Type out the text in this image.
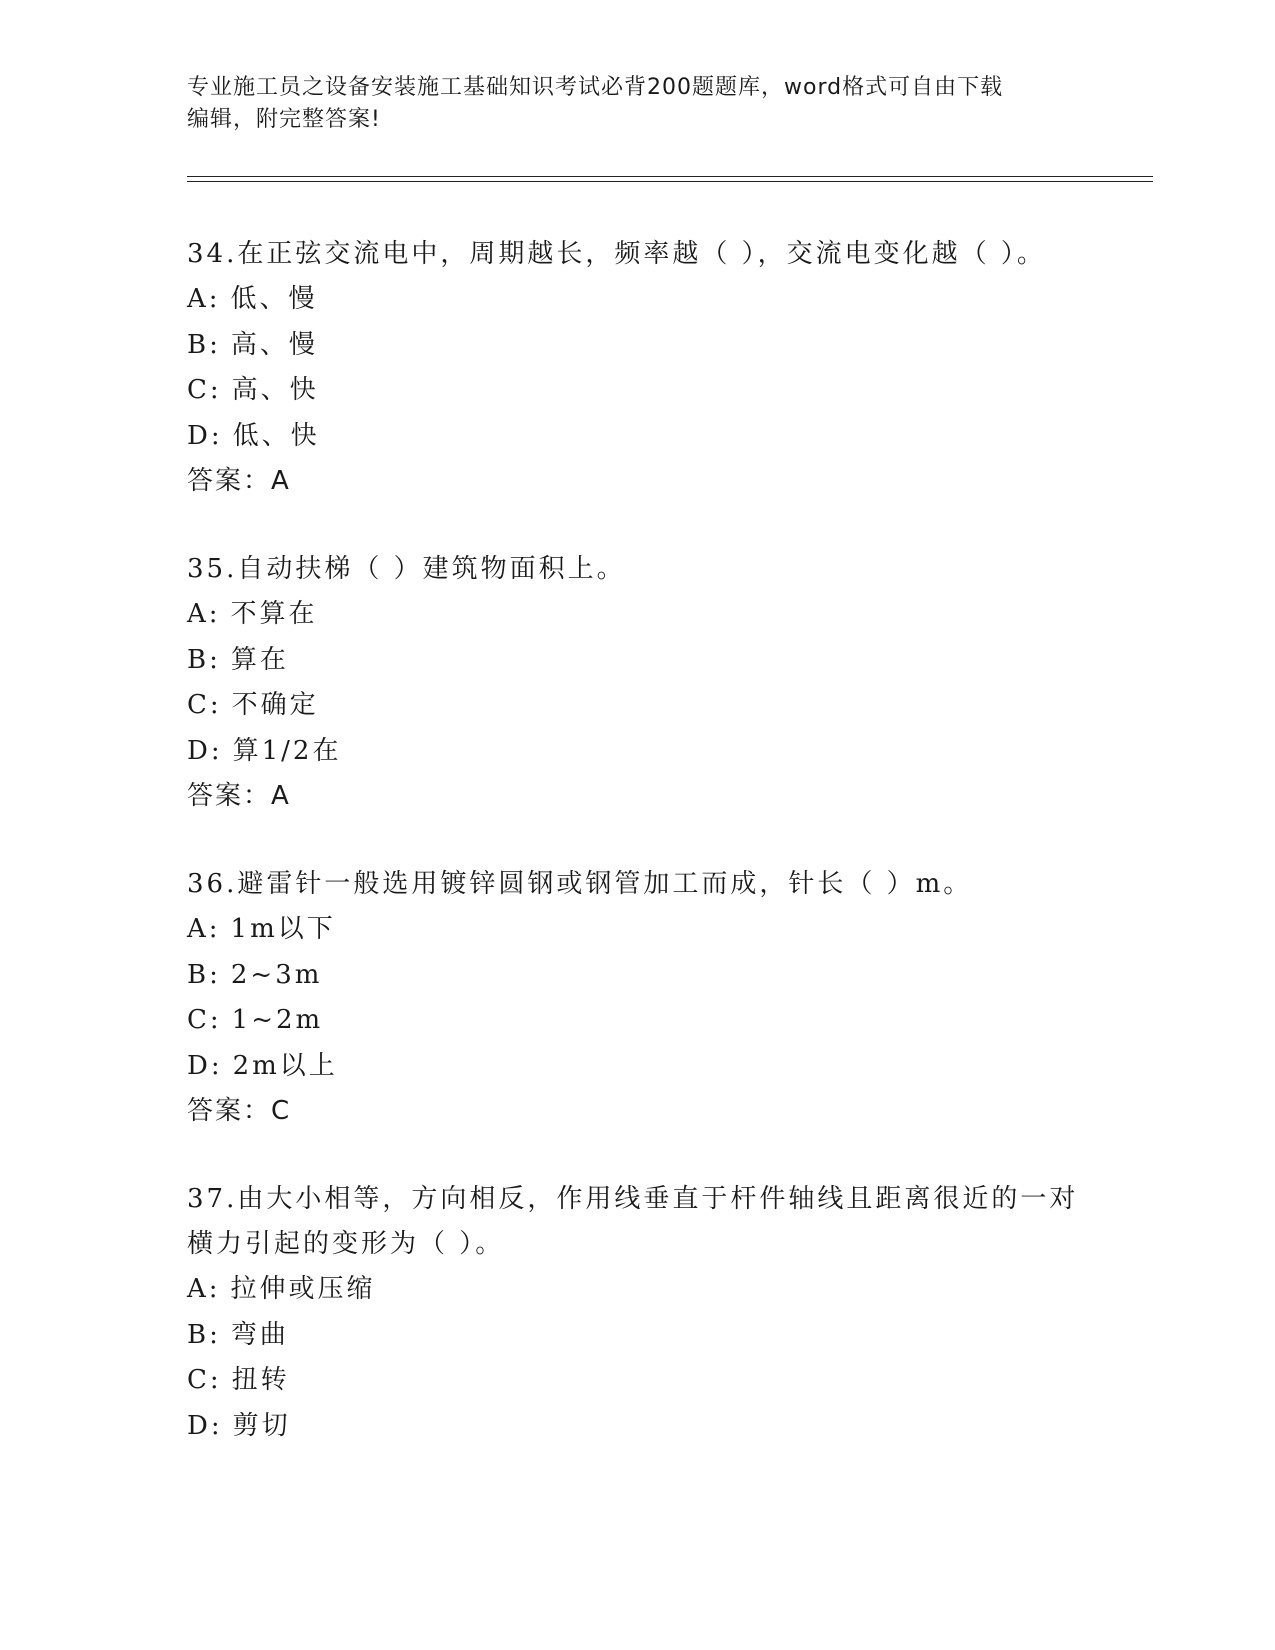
专业施工员之设备安装施工基础知识考试必背200题题库，word格式可自由下载
编辑，附完整答案!
34.在正弦交流电中，周期越长，频率越（ ），交流电变化越（ ）。
A: 低、慢
B: 高、慢
C: 高、快
D: 低、快
答案：A
35.自动扶梯（ ）建筑物面积上。
A: 不算在
B: 算在
C: 不确定
D: 算1/2在
答案：A
36.避雷针一般选用镀锌圆钢或钢管加工而成，针长（ ）m。
A: 1m以下
B: 2~3m
C: 1~2m
D: 2m以上
答案：C
37.由大小相等，方向相反，作用线垂直于杆件轴线且距离很近的一对
横力引起的变形为（ ）。
A: 拉伸或压缩
B: 弯曲
C: 扭转
D: 剪切
